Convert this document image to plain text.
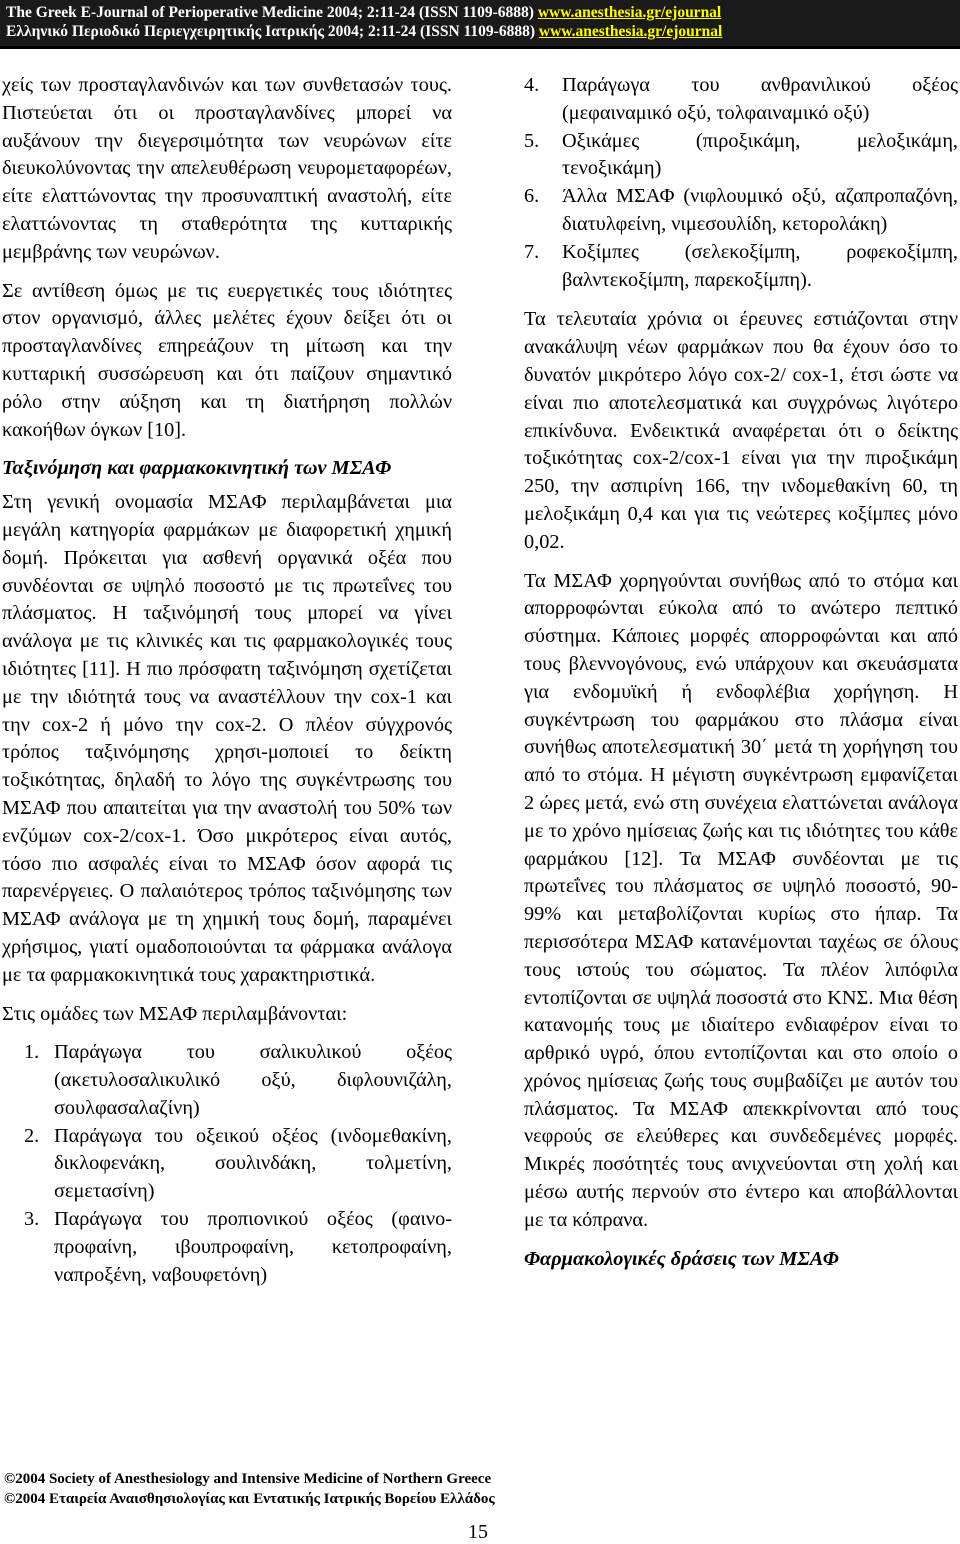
The Greek E-Journal of Perioperative Medicine 2004; 2:11-24 (ISSN 1109-6888) www.anesthesia.gr/ejournal
Ελληνικό Περιοδικό Περιεγχειρητικής Ιατρικής 2004; 2:11-24 (ISSN 1109-6888) www.anesthesia.gr/ejournal

χείς των προσταγλανδινών και των συνθετασών τους. Πιστεύεται ότι οι προσταγλανδίνες μπορεί να αυξάνουν την διεγερσιμότητα των νευρώνων είτε διευκολύνοντας την απελευθέρωση νευρομεταφορέων, είτε ελαττώνοντας την προσυναπτική αναστολή, είτε ελαττώνοντας τη σταθερότητα της κυτταρικής μεμβράνης των νευρώνων.

Σε αντίθεση όμως με τις ευεργετικές τους ιδιότητες στον οργανισμό, άλλες μελέτες έχουν δείξει ότι οι προσταγλανδίνες επηρεάζουν τη μίτωση και την κυτταρική συσσώρευση και ότι παίζουν σημαντικό ρόλο στην αύξηση και τη διατήρηση πολλών κακοήθων όγκων [10].

Ταξινόμηση και φαρμακοκινητική των ΜΣΑΦ

Στη γενική ονομασία ΜΣΑΦ περιλαμβάνεται μια μεγάλη κατηγορία φαρμάκων με διαφορετική χημική δομή. Πρόκειται για ασθενή οργανικά οξέα που συνδέονται σε υψηλό ποσοστό με τις πρωτεΐνες του πλάσματος. Η ταξινόμησή τους μπορεί να γίνει ανάλογα με τις κλινικές και τις φαρμακολογικές τους ιδιότητες [11]. Η πιο πρόσφατη ταξινόμηση σχετίζεται με την ιδιότητά τους να αναστέλλουν την cox-1 και την cox-2 ή μόνο την cox-2. Ο πλέον σύγχρονός τρόπος ταξινόμησης χρησι-μοποιεί το δείκτη τοξικότητας, δηλαδή το λόγο της συγκέντρωσης του ΜΣΑΦ που απαιτείται για την αναστολή του 50% των ενζύμων cox-2/cox-1. Όσο μικρότερος είναι αυτός, τόσο πιο ασφαλές είναι το ΜΣΑΦ όσον αφορά τις παρενέργειες. Ο παλαιότερος τρόπος ταξινόμησης των ΜΣΑΦ ανάλογα με τη χημική τους δομή, παραμένει χρήσιμος, γιατί ομαδοποιούνται τα φάρμακα ανάλογα με τα φαρμακοκινητικά τους χαρακτηριστικά.

Στις ομάδες των ΜΣΑΦ περιλαμβάνονται:

1. Παράγωγα του σαλικυλικού οξέος (ακετυλοσαλικυλικό οξύ, διφλουνιζάλη, σουλφασαλαζίνη)
2. Παράγωγα του οξεικού οξέος (ινδομεθακίνη, δικλοφενάκη, σουλινδάκη, τολμετίνη, σεμετασίνη)
3. Παράγωγα του προπιονικού οξέος (φαινο-προφαίνη, ιβουπροφαίνη, κετοπροφαίνη, ναπροξένη, ναβουφετόνη)
4.	Παράγωγα του ανθρανιλικού οξέος (μεφαιναμικό οξύ, τολφαιναμικό οξύ)
5.	Οξικάμες (πιροξικάμη, μελοξικάμη, τενοξικάμη)
6.	Άλλα ΜΣΑΦ (νιφλουμικό οξύ, αζαπροπαζόνη, διατυλφείνη, νιμεσουλίδη, κετορολάκη)
7.	Κοξίμπες (σελεκοξίμπη, ροφεκοξίμπη, βαλντεκοξίμπη, παρεκοξίμπη).

Τα τελευταία χρόνια οι έρευνες εστιάζονται στην ανακάλυψη νέων φαρμάκων που θα έχουν όσο το δυνατόν μικρότερο λόγο cox-2/ cox-1, έτσι ώστε να είναι πιο αποτελεσματικά και συγχρόνως λιγότερο επικίνδυνα. Ενδεικτικά αναφέρεται ότι ο δείκτης τοξικότητας cox-2/cox-1 είναι για την πιροξικάμη 250, την ασπιρίνη 166, την ινδομεθακίνη 60, τη μελοξικάμη 0,4 και για τις νεώτερες κοξίμπες μόνο 0,02.

Τα ΜΣΑΦ χορηγούνται συνήθως από το στόμα και απορροφώνται εύκολα από το ανώτερο πεπτικό σύστημα. Κάποιες μορφές απορροφώνται και από τους βλεννογόνους, ενώ υπάρχουν και σκευάσματα για ενδομυϊκή ή ενδοφλέβια χορήγηση. Η συγκέντρωση του φαρμάκου στο πλάσμα είναι συνήθως αποτελεσματική 30΄ μετά τη χορήγηση του από το στόμα. Η μέγιστη συγκέντρωση εμφανίζεται 2 ώρες μετά, ενώ στη συνέχεια ελαττώνεται ανάλογα με το χρόνο ημίσειας ζωής και τις ιδιότητες του κάθε φαρμάκου [12]. Τα ΜΣΑΦ συνδέονται με τις πρωτεΐνες του πλάσματος σε υψηλό ποσοστό, 90-99% και μεταβολίζονται κυρίως στο ήπαρ. Τα περισσότερα ΜΣΑΦ κατανέμονται ταχέως σε όλους τους ιστούς του σώματος. Τα πλέον λιπόφιλα εντοπίζονται σε υψηλά ποσοστά στο ΚΝΣ. Μια θέση κατανομής τους με ιδιαίτερο ενδιαφέρον είναι το αρθρικό υγρό, όπου εντοπίζονται και στο οποίο ο χρόνος ημίσειας ζωής τους συμβαδίζει με αυτόν του πλάσματος. Τα ΜΣΑΦ απεκκρίνονται από τους νεφρούς σε ελεύθερες και συνδεδεμένες μορφές. Μικρές ποσότητές τους ανιχνεύονται στη χολή και μέσω αυτής περνούν στο έντερο και αποβάλλονται με τα κόπρανα.

Φαρμακολογικές δράσεις των ΜΣΑΦ
©2004 Society of Anesthesiology and Intensive Medicine of Northern Greece
©2004 Εταιρεία Αναισθησιολογίας και Εντατικής Ιατρικής Βορείου Ελλάδος
15
